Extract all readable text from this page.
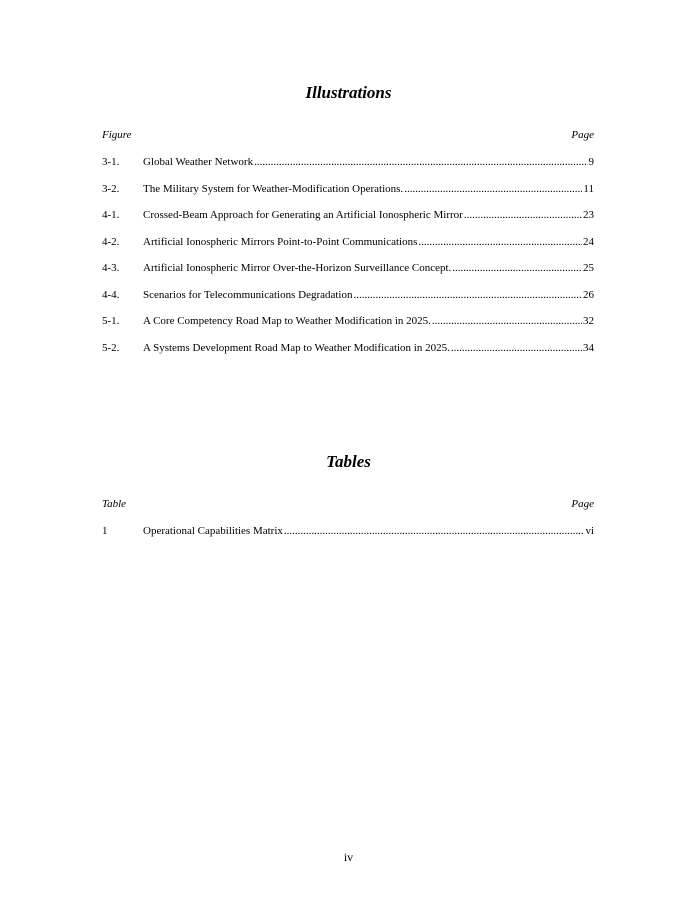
Illustrations
Figure	Page
3-1. Global Weather Network .....	9
3-2. The Military System for Weather-Modification Operations. .....	11
4-1. Crossed-Beam Approach for Generating an Artificial Ionospheric Mirror .....	23
4-2. Artificial Ionospheric Mirrors Point-to-Point Communications .....	24
4-3. Artificial Ionospheric Mirror Over-the-Horizon Surveillance Concept. .....	25
4-4. Scenarios for Telecommunications Degradation .....	26
5-1. A Core Competency Road Map to Weather Modification in 2025. .....	32
5-2. A Systems Development Road Map to Weather Modification in 2025. .....	34
Tables
Table	Page
1	Operational Capabilities Matrix .....	vi
iv
